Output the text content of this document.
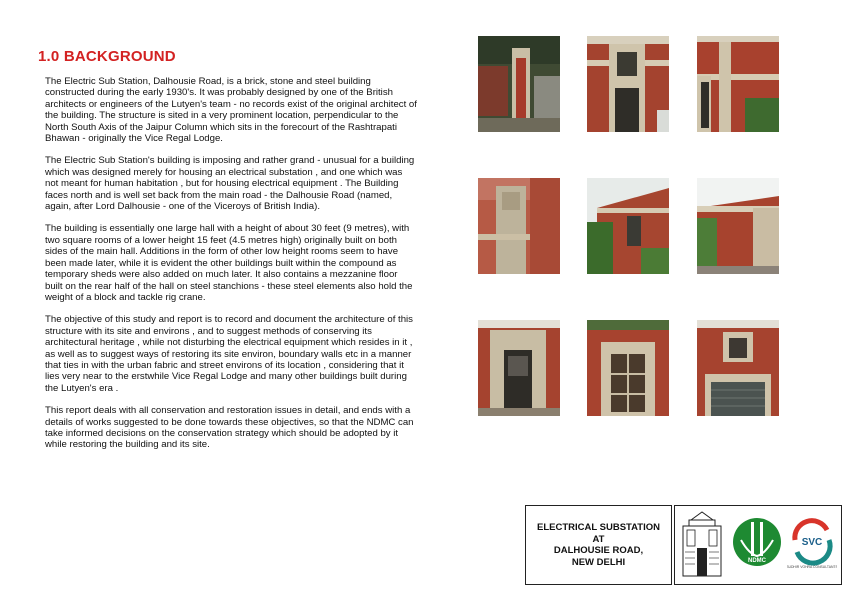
1.0 BACKGROUND

The Electric Sub Station, Dalhousie Road, is a brick, stone and steel building constructed during the early 1930's. It was probably designed by one of the British architects or engineers of the Lutyen's team - no records exist of the original architect of the building. The structure is sited in a very prominent location, perpendicular to the North South Axis of the Jaipur Column which sits in the forecourt of the Rashtrapati Bhawan - originally the Vice Regal Lodge.

The Electric Sub Station's building is imposing and rather grand - unusual for a building which was designed merely for housing an electrical substation , and one which was not meant for human habitation , but for housing electrical equipment . The Building faces north and is well set back from the main road - the Dalhousie Road (named, again, after Lord Dalhousie - one of the Viceroys of British India).

The building is essentially one large hall with a height of about 30 feet (9 metres), with two square rooms of a lower height 15 feet (4.5 metres high) originally built on both sides of the main hall. Additions in the form of other low height rooms seem to have been made later, while it is evident the other buildings built within the compound as temporary sheds were also added on much later. It also contains a mezzanine floor built on the rear half of the hall on steel stanchions - these steel elements also hold the weight of a block and tackle rig crane.

The objective of this study and report is to record and document the architecture of this structure with its site and environs , and to suggest methods of conserving its architectural heritage , while not disturbing the electrical equipment which resides in it , as well as to suggest ways of restoring its site environ, boundary walls etc in a manner that ties in with the urban fabric and street environs of its location , considering that it lies very near to the erstwhile Vice Regal Lodge and many other buildings built during the Lutyen's era .

This report deals with all conservation and restoration issues in detail, and ends with a details of works suggested to be done towards these objectives, so that the NDMC can take informed decisions on the conservation strategy which should be adopted by it while restoring the building and its site.

ELECTRICAL SUBSTATION
AT
DALHOUSIE ROAD,
NEW DELHI	NDMC
SVC
SUDHIR VOHRA CONSULTANTS
